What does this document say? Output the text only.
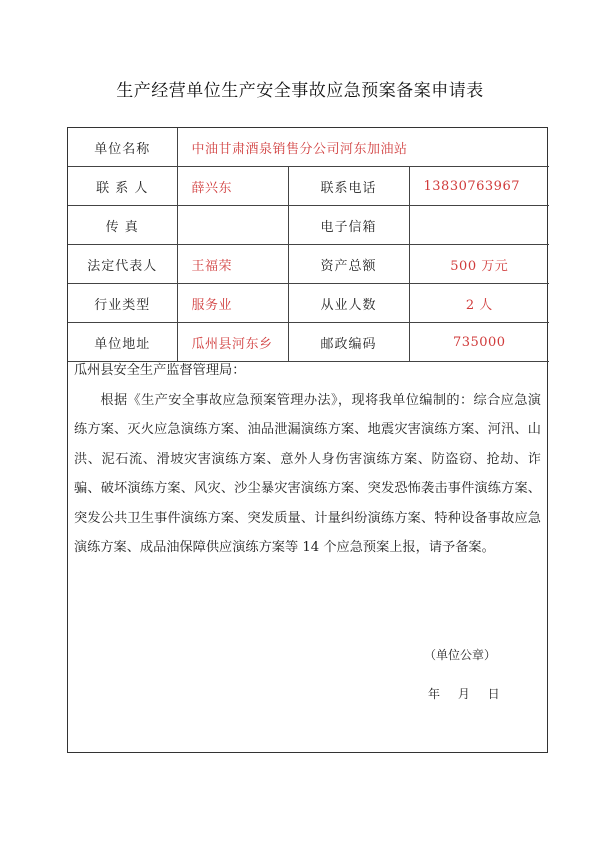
生产经营单位生产安全事故应急预案备案申请表
单位名称	中油甘肃酒泉销售分公司河东加油站		
联 系 人	薛兴东	联系电话	13830763967
传 真		电子信箱	
法定代表人	王福荣	资产总额	500 万元
行业类型	服务业	从业人数	2 人
单位地址	瓜州县河东乡	邮政编码	735000
瓜州县安全生产监督管理局：
根据《生产安全事故应急预案管理办法》，现将我单位编制的：综合应急演练方案、灭火应急演练方案、油品泄漏演练方案、地震灾害演练方案、河汛、山洪、泥石流、滑坡灾害演练方案、意外人身伤害演练方案、防盗窃、抢劫、诈骗、破坏演练方案、风灾、沙尘暴灾害演练方案、突发恐怖袭击事件演练方案、突发公共卫生事件演练方案、突发质量、计量纠纷演练方案、特种设备事故应急演练方案、成品油保障供应演练方案等 14 个应急预案上报，请予备案。
（单位公章）
年 月 日
